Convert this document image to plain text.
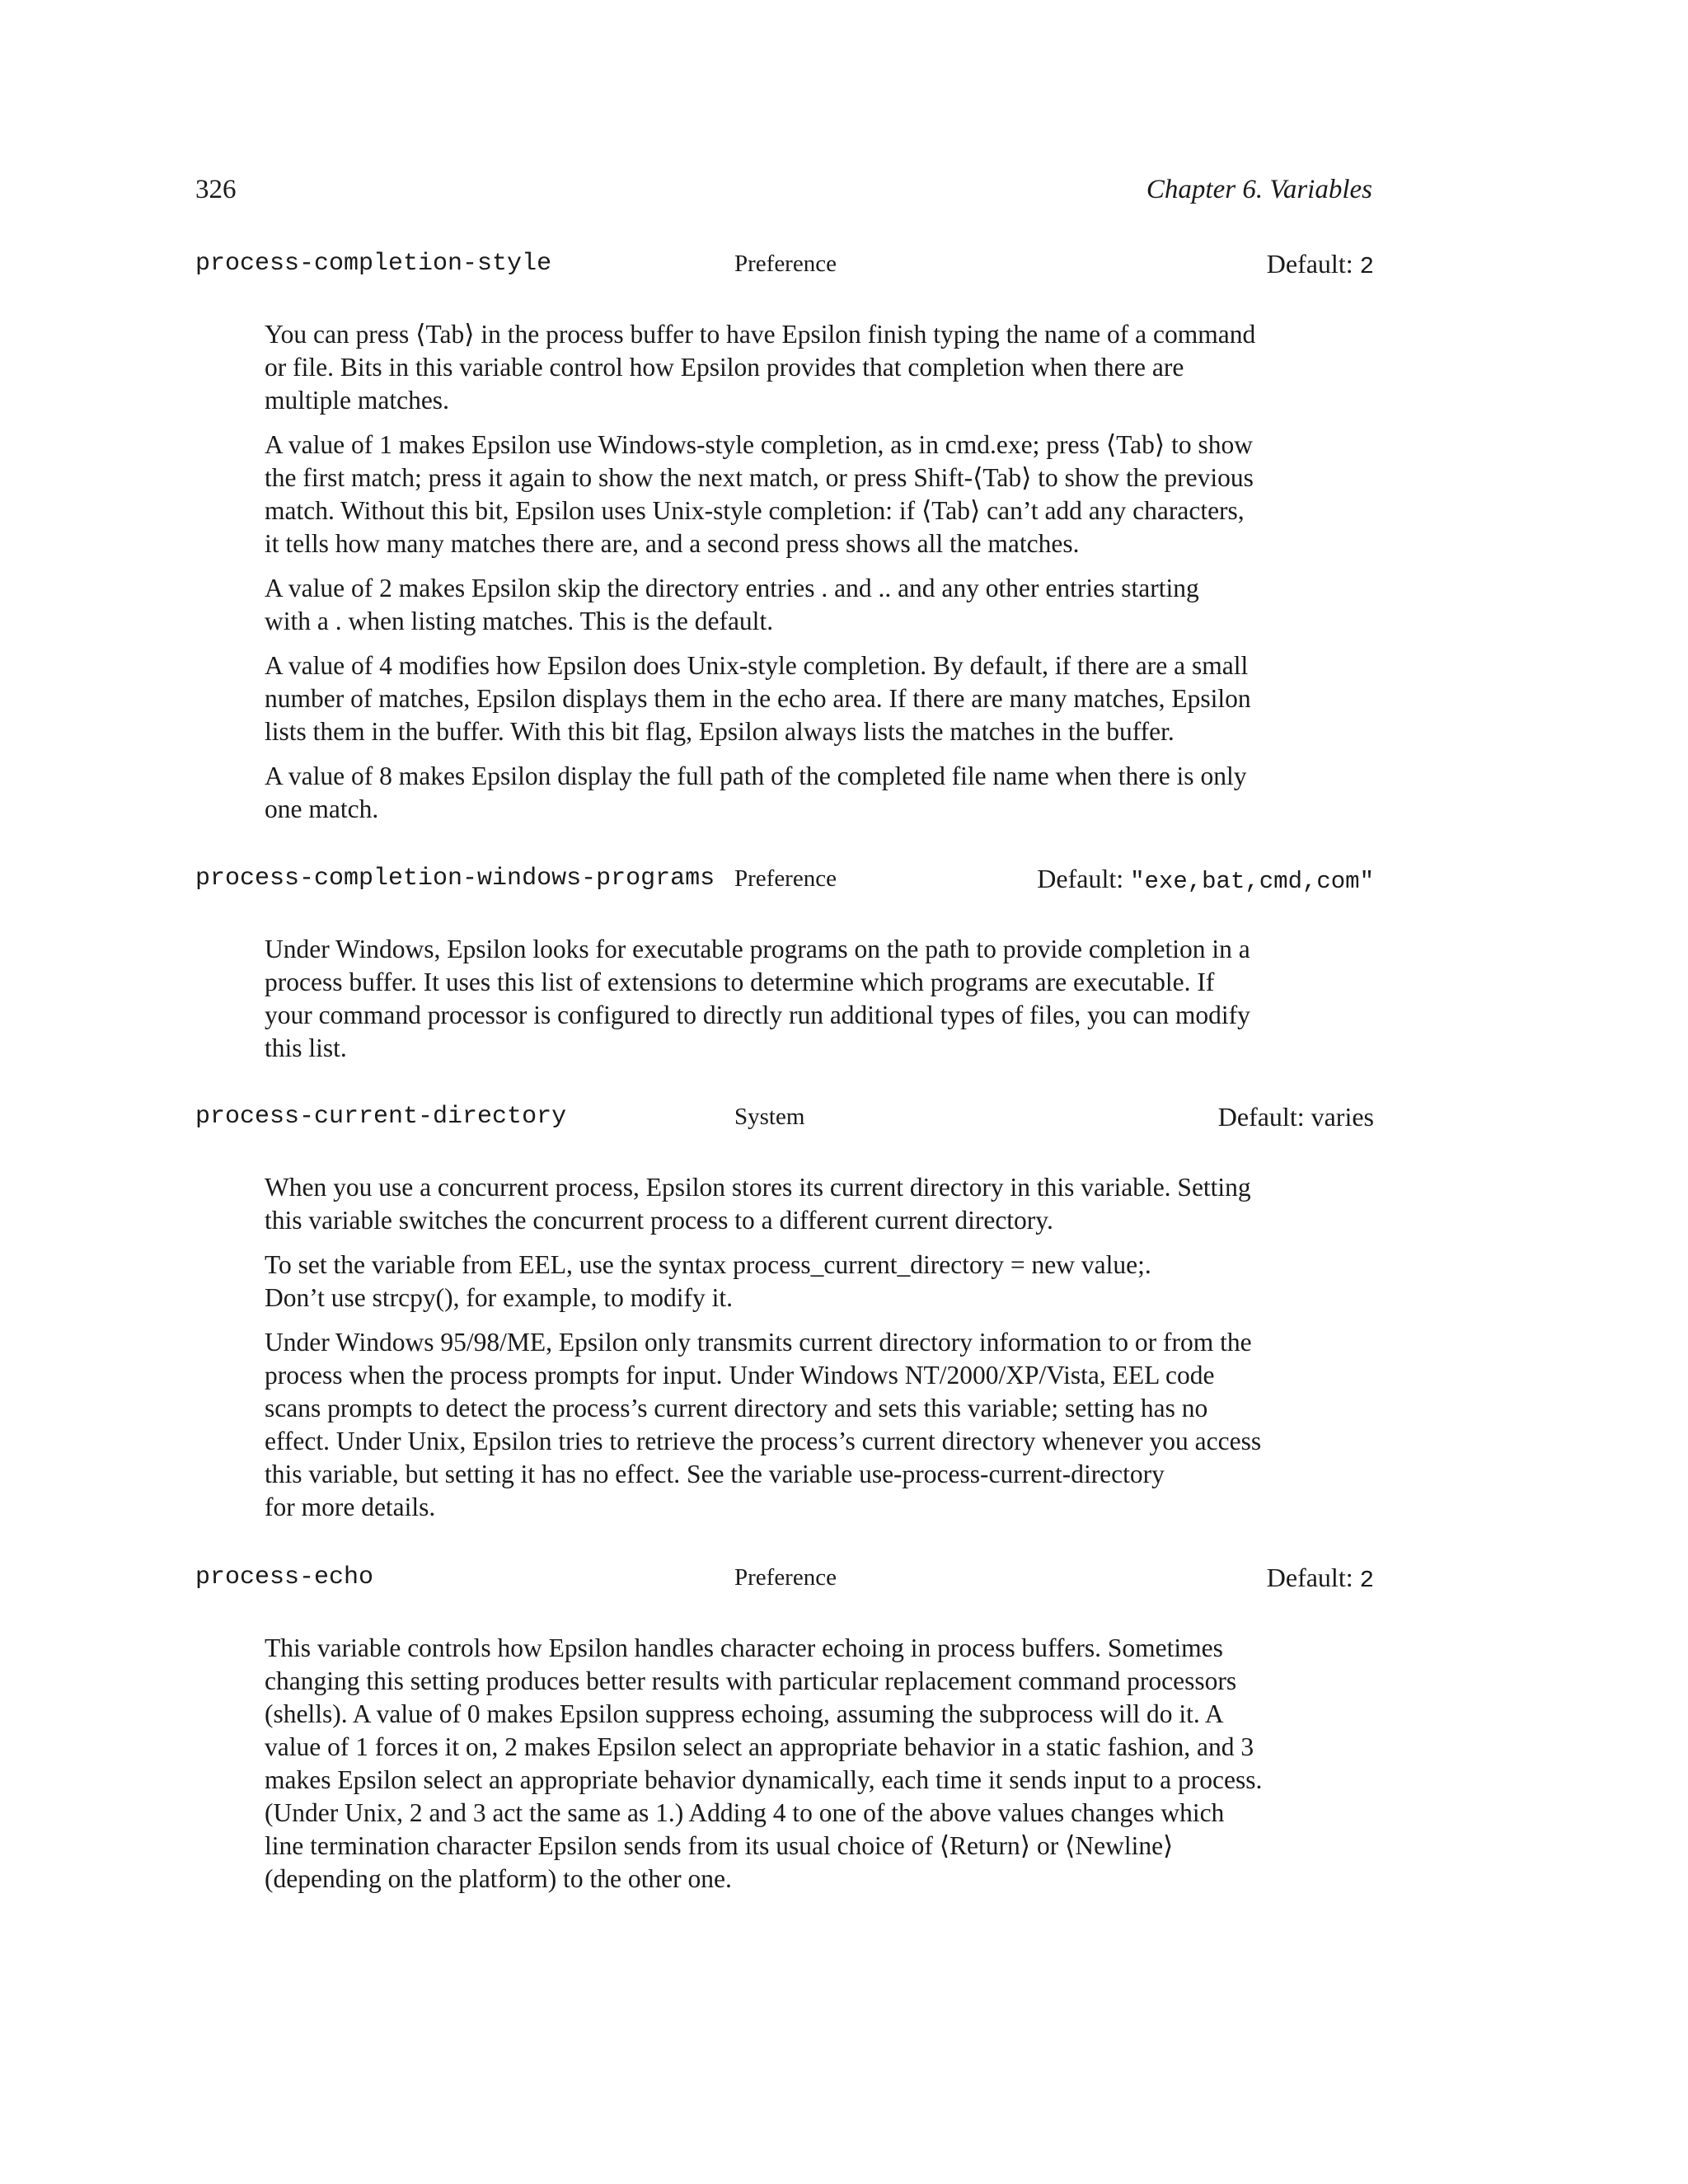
326	Chapter 6. Variables
process-completion-style	Preference	Default: 2

You can press ⟨Tab⟩ in the process buffer to have Epsilon finish typing the name of a command
or file. Bits in this variable control how Epsilon provides that completion when there are
multiple matches.

A value of 1 makes Epsilon use Windows-style completion, as in cmd.exe; press ⟨Tab⟩ to show
the first match; press it again to show the next match, or press Shift-⟨Tab⟩ to show the previous
match. Without this bit, Epsilon uses Unix-style completion: if ⟨Tab⟩ can’t add any characters,
it tells how many matches there are, and a second press shows all the matches.

A value of 2 makes Epsilon skip the directory entries . and .. and any other entries starting
with a . when listing matches. This is the default.

A value of 4 modifies how Epsilon does Unix-style completion. By default, if there are a small
number of matches, Epsilon displays them in the echo area. If there are many matches, Epsilon
lists them in the buffer. With this bit flag, Epsilon always lists the matches in the buffer.

A value of 8 makes Epsilon display the full path of the completed file name when there is only
one match.

process-completion-windows-programs Preference	Default: "exe,bat,cmd,com"

Under Windows, Epsilon looks for executable programs on the path to provide completion in a
process buffer. It uses this list of extensions to determine which programs are executable. If
your command processor is configured to directly run additional types of files, you can modify
this list.

process-current-directory	System	Default: varies

When you use a concurrent process, Epsilon stores its current directory in this variable. Setting
this variable switches the concurrent process to a different current directory.

To set the variable from EEL, use the syntax process_current_directory = new value;.
Don’t use strcpy(), for example, to modify it.

Under Windows 95/98/ME, Epsilon only transmits current directory information to or from the
process when the process prompts for input. Under Windows NT/2000/XP/Vista, EEL code
scans prompts to detect the process’s current directory and sets this variable; setting has no
effect. Under Unix, Epsilon tries to retrieve the process’s current directory whenever you access
this variable, but setting it has no effect. See the variable use-process-current-directory
for more details.

process-echo	Preference	Default: 2

This variable controls how Epsilon handles character echoing in process buffers. Sometimes
changing this setting produces better results with particular replacement command processors
(shells). A value of 0 makes Epsilon suppress echoing, assuming the subprocess will do it. A
value of 1 forces it on, 2 makes Epsilon select an appropriate behavior in a static fashion, and 3
makes Epsilon select an appropriate behavior dynamically, each time it sends input to a process.
(Under Unix, 2 and 3 act the same as 1.) Adding 4 to one of the above values changes which
line termination character Epsilon sends from its usual choice of ⟨Return⟩ or ⟨Newline⟩
(depending on the platform) to the other one.
